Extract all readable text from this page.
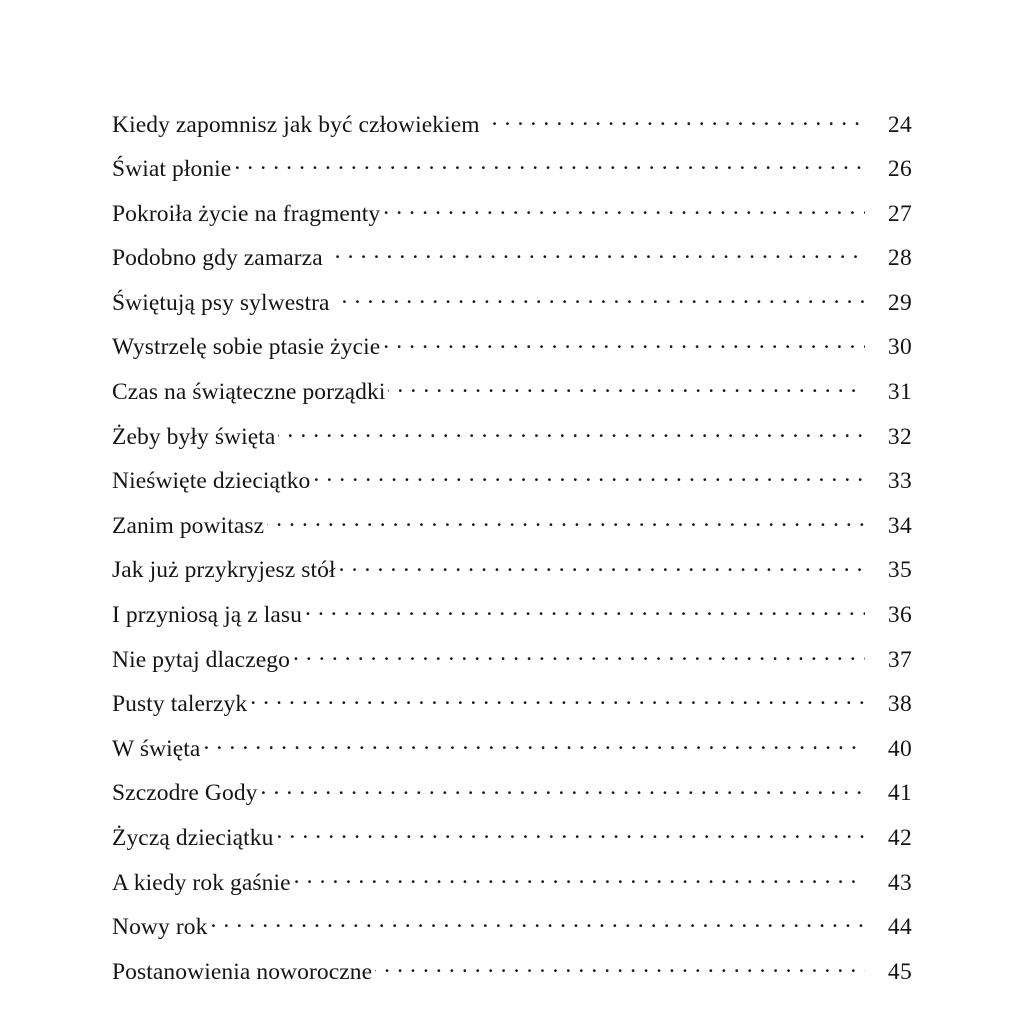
Kiedy zapomnisz jak być człowiekiem . . .	24
Świat płonie . . .	26
Pokroiła życie na fragmenty . . .	27
Podobno gdy zamarza . . .	28
Świętują psy sylwestra . . .	29
Wystrzelę sobie ptasie życie . . .	30
Czas na świąteczne porządki . . .	31
Żeby były święta . . .	32
Nieświęte dzieciątko . . .	33
Zanim powitasz . . .	34
Jak już przykryjesz stół . . .	35
I przyniosą ją z lasu . . .	36
Nie pytaj dlaczego . . .	37
Pusty talerzyk . . .	38
W święta . . .	40
Szczodre Gody . . .	41
Życzą dzieciątku . . .	42
A kiedy rok gaśnie . . .	43
Nowy rok . . .	44
Postanowienia noworoczne . . .	45
